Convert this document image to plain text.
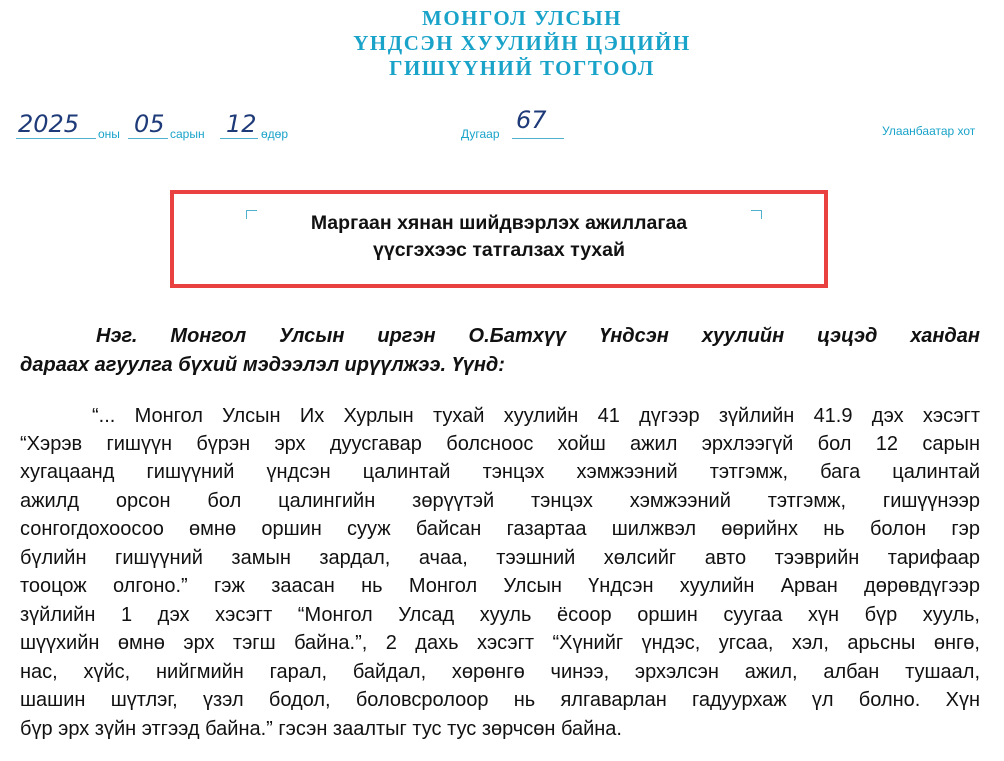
МОНГОЛ УЛСЫН
ҮНДСЭН ХУУЛИЙН ЦЭЦИЙН
ГИШҮҮНИЙ ТОГТООЛ
2025 оны 05 сарын 12 өдөр	Дугаар 67	Улаанбаатар хот
Маргаан хянан шийдвэрлэх ажиллагаа
үүсгэхээс татгалзах тухай
Нэг. Монгол Улсын иргэн О.Батхүү Үндсэн хуулийн цэцэд хандан
дараах агуулга бүхий мэдээлэл ирүүлжээ. Үүнд:
“... Монгол Улсын Их Хурлын тухай хуулийн 41 дүгээр зүйлийн 41.9 дэх хэсэгт
“Хэрэв гишүүн бүрэн эрх дуусгавар болсноос хойш ажил эрхлээгүй бол 12 сарын
хугацаанд гишүүний үндсэн цалинтай тэнцэх хэмжээний тэтгэмж, бага цалинтай
ажилд орсон бол цалингийн зөрүүтэй тэнцэх хэмжээний тэтгэмж, гишүүнээр
сонгогдохоосоо өмнө оршин сууж байсан газартаа шилжвэл өөрийнх нь болон гэр
бүлийн гишүүний замын зардал, ачаа, тээшний хөлсийг авто тээврийн тарифаар
тооцож олгоно.” гэж заасан нь Монгол Улсын Үндсэн хуулийн Арван дөрөвдүгээр
зүйлийн 1 дэх хэсэгт “Монгол Улсад хууль ёсоор оршин суугаа хүн бүр хууль,
шүүхийн өмнө эрх тэгш байна.”, 2 дахь хэсэгт “Хүнийг үндэс, угсаа, хэл, арьсны өнгө,
нас, хүйс, нийгмийн гарал, байдал, хөрөнгө чинээ, эрхэлсэн ажил, албан тушаал,
шашин шүтлэг, үзэл бодол, боловсролоор нь ялгаварлан гадуурхаж үл болно. Хүн
бүр эрх зүйн этгээд байна.” гэсэн заалтыг тус тус зөрчсөн байна.
